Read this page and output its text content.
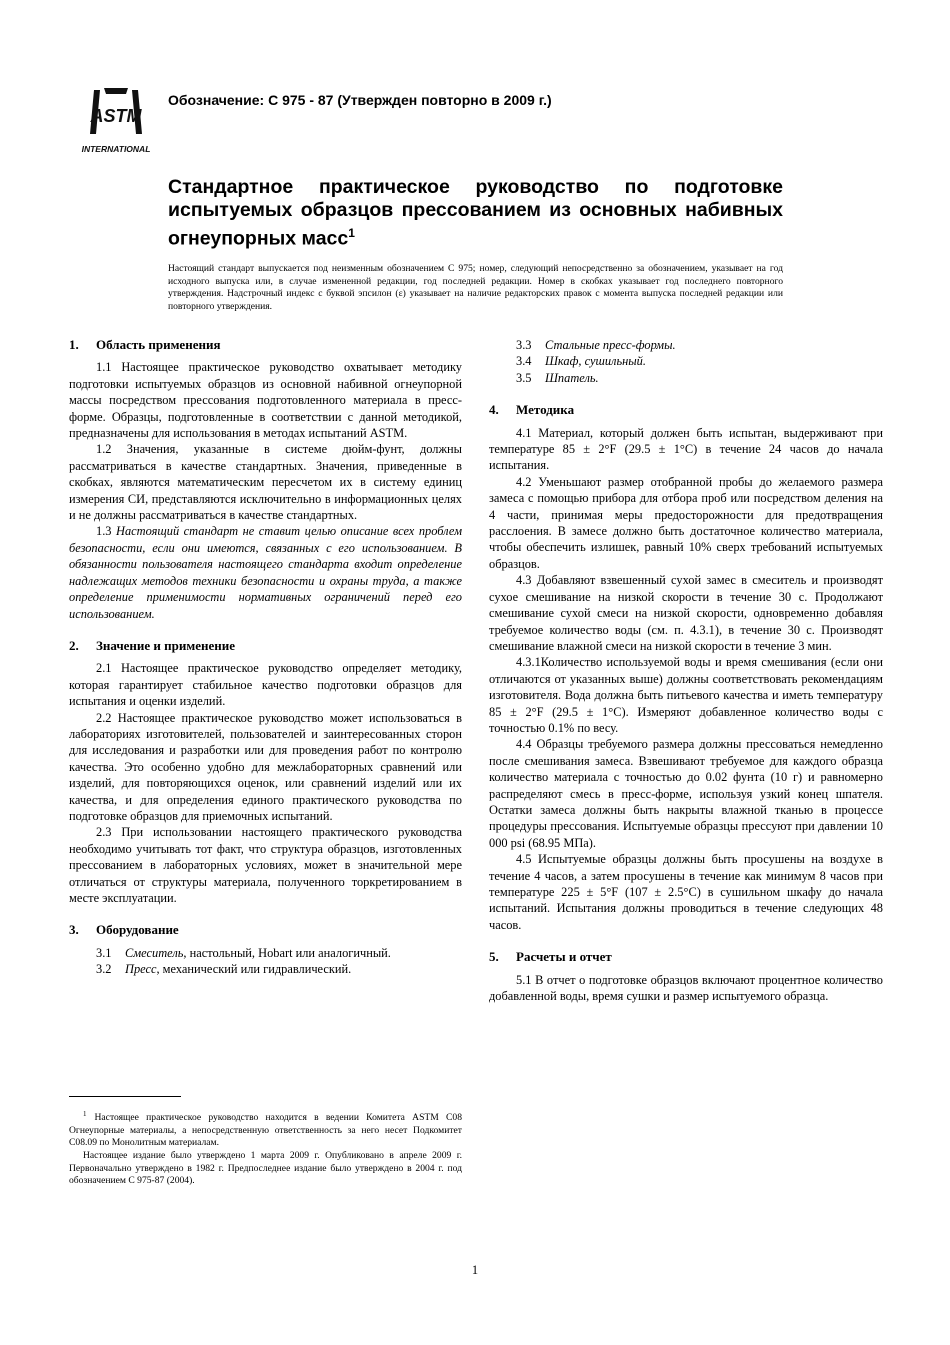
ASTM
INTERNATIONAL
Обозначение: С 975 - 87 (Утвержден повторно в 2009 г.)
Стандартное практическое руководство по подготовке испытуемых образцов прессованием из основных набивных огнеупорных масс$^1$
Настоящий стандарт выпускается под неизменным обозначением С 975; номер, следующий непосредственно за обозначением, указывает на год исходного выпуска или, в случае измененной редакции, год последней редакции. Номер в скобках указывает год последнего повторного утверждения. Надстрочный индекс с буквой эпсилон (ε) указывает на наличие редакторских правок с момента выпуска последней редакции или повторного утверждения.
1. Область применения

1.1 Настоящее практическое руководство охватывает методику подготовки испытуемых образцов из основной набивной огнеупорной массы посредством прессования подготовленного материала в пресс-форме. Образцы, подготовленные в соответствии с данной методикой, предназначены для использования в методах испытаний ASTM.

1.2 Значения, указанные в системе дюйм-фунт, должны рассматриваться в качестве стандартных. Значения, приведенные в скобках, являются математическим пересчетом их в систему единиц измерения СИ, представляются исключительно в информационных целях и не должны рассматриваться в качестве стандартных.

1.3 Настоящий стандарт не ставит целью описание всех проблем безопасности, если они имеются, связанных с его использованием. В обязанности пользователя настоящего стандарта входит определение надлежащих методов техники безопасности и охраны труда, а также определение применимости нормативных ограничений перед его использованием.

2. Значение и применение

2.1 Настоящее практическое руководство определяет методику, которая гарантирует стабильное качество подготовки образцов для испытания и оценки изделий.

2.2 Настоящее практическое руководство может использоваться в лабораториях изготовителей, пользователей и заинтересованных сторон для исследования и разработки или для проведения работ по контролю качества. Это особенно удобно для межлабораторных сравнений или изделий, для повторяющихся оценок, или сравнений изделий или их качества, и для определения единого практического руководства по подготовке образцов для приемочных испытаний.

2.3 При использовании настоящего практического руководства необходимо учитывать тот факт, что структура образцов, изготовленных прессованием в лабораторных условиях, может в значительной мере отличаться от структуры материала, полученного торкретированием в месте эксплуатации.

3. Оборудование

3.1 Смеситель, настольный, Hobart или аналогичный.

3.2 Пресс, механический или гидравлический.

3.3 Стальные пресс-формы.

3.4 Шкаф, сушильный.

3.5 Шпатель.

4. Методика

4.1 Материал, который должен быть испытан, выдерживают при температуре 85 ± 2°F (29.5 ± 1°C) в течение 24 часов до начала испытания.

4.2 Уменьшают размер отобранной пробы до желаемого размера замеса с помощью прибора для отбора проб или посредством деления на 4 части, принимая меры предосторожности для предотвращения расслоения. В замесе должно быть достаточное количество материала, чтобы обеспечить излишек, равный 10% сверх требований испытуемых образцов.

4.3 Добавляют взвешенный сухой замес в смеситель и производят сухое смешивание на низкой скорости в течение 30 с. Продолжают смешивание сухой смеси на низкой скорости, одновременно добавляя требуемое количество воды (см. п. 4.3.1), в течение 30 с. Производят смешивание влажной смеси на низкой скорости в течение 3 мин.

4.3.1Количество используемой воды и время смешивания (если они отличаются от указанных выше) должны соответствовать рекомендациям изготовителя. Вода должна быть питьевого качества и иметь температуру 85 ± 2°F (29.5 ± 1°C). Измеряют добавленное количество воды с точностью 0.1% по весу.

4.4 Образцы требуемого размера должны прессоваться немедленно после смешивания замеса. Взвешивают требуемое для каждого образца количество материала с точностью до 0.02 фунта (10 г) и равномерно распределяют смесь в пресс-форме, используя узкий конец шпателя. Остатки замеса должны быть накрыты влажной тканью в процессе процедуры прессования. Испытуемые образцы прессуют при давлении 10 000 psi (68.95 МПа).

4.5 Испытуемые образцы должны быть просушены на воздухе в течение 4 часов, а затем просушены в течение как минимум 8 часов при температуре 225 ± 5°F (107 ± 2.5°C) в сушильном шкафу до начала испытаний. Испытания должны проводиться в течение следующих 48 часов.

5. Расчеты и отчет

5.1 В отчет о подготовке образцов включают процентное количество добавленной воды, время сушки и размер испытуемого образца.

$^1$ Настоящее практическое руководство находится в ведении Комитета ASTM С08 Огнеупорные материалы, а непосредственную ответственность за него несет Подкомитет С08.09 по Монолитным материалам.

Настоящее издание было утверждено 1 марта 2009 г. Опубликовано в апреле 2009 г. Первоначально утверждено в 1982 г. Предпоследнее издание было утверждено в 2004 г. под обозначением С 975-87 (2004).

1
